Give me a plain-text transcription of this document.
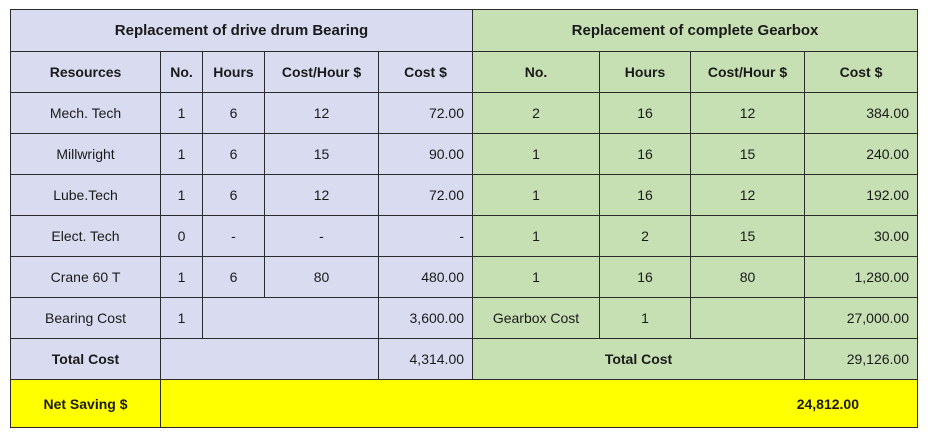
Replacement of drive drum Bearing					Replacement of complete Gearbox			
Resources	No.	Hours	Cost/Hour $	Cost $	No.	Hours	Cost/Hour $	Cost $
Mech. Tech	1	6	12	72.00	2	16	12	384.00
Millwright	1	6	15	90.00	1	16	15	240.00
Lube.Tech	1	6	12	72.00	1	16	12	192.00
Elect. Tech	0	-	-	-	1	2	15	30.00
Crane 60 T	1	6	80	480.00	1	16	80	1,280.00
Bearing Cost	1			3,600.00	Gearbox Cost	1		27,000.00
Total Cost				4,314.00	Total Cost			29,126.00
Net Saving $	24,812.00							
